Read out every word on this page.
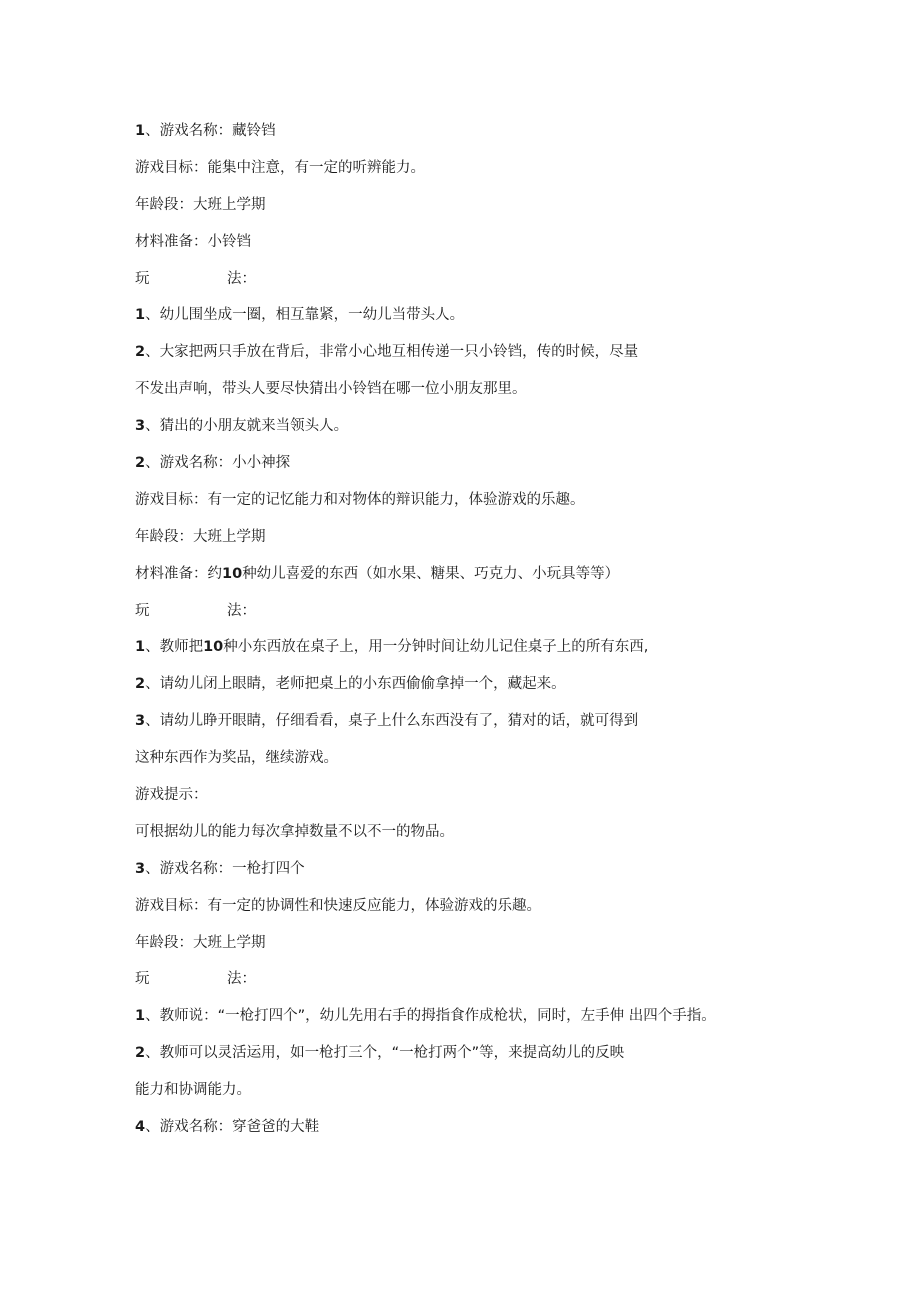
1、游戏名称：藏铃铛
游戏目标：能集中注意，有一定的听辨能力。
年龄段：大班上学期
材料准备：小铃铛
玩	法：
1、幼儿围坐成一圈，相互靠紧，一幼儿当带头人。
2、大家把两只手放在背后，非常小心地互相传递一只小铃铛，传的时候，尽量
不发出声响，带头人要尽快猜出小铃铛在哪一位小朋友那里。
3、猜出的小朋友就来当领头人。
2、游戏名称：小小神探
游戏目标：有一定的记忆能力和对物体的辩识能力，体验游戏的乐趣。
年龄段：大班上学期
材料准备：约10种幼儿喜爱的东西（如水果、糖果、巧克力、小玩具等等）
玩	法：
1、教师把10种小东西放在桌子上，用一分钟时间让幼儿记住桌子上的所有东西,
2、请幼儿闭上眼睛，老师把桌上的小东西偷偷拿掉一个，藏起来。
3、请幼儿睁开眼睛，仔细看看，桌子上什么东西没有了，猜对的话，就可得到
这种东西作为奖品，继续游戏。
游戏提示：
可根据幼儿的能力每次拿掉数量不以不一的物品。
3、游戏名称：一枪打四个
游戏目标：有一定的协调性和快速反应能力，体验游戏的乐趣。
年龄段：大班上学期
玩	法：
1、教师说：“一枪打四个”，幼儿先用右手的拇指食作成枪状，同时，左手伸 出四个手指。
2、教师可以灵活运用，如一枪打三个，“一枪打两个”等，来提高幼儿的反映
能力和协调能力。
4、游戏名称：穿爸爸的大鞋
